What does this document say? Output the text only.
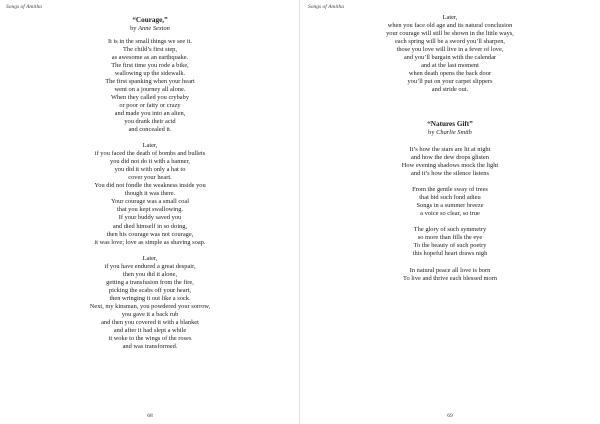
Songs of Amitha
“Courage,”
by Anne Sexton
It is in the small things we see it.
The child’s first step,
as awesome as an earthquake.
The first time you rode a bike,
wallowing up the sidewalk.
The first spanking when your heart
went on a journey all alone.
When they called you crybaby
or poor or fatty or crazy
and made you into an alien,
you drank their acid
and concealed it.
Later,
if you faced the death of bombs and bullets
you did not do it with a banner,
you did it with only a hat to
cover your heart.
You did not fondle the weakness inside you
though it was there.
Your courage was a small coal
that you kept swallowing.
If your buddy saved you
and died himself in so doing,
then his courage was not courage,
it was love; love as simple as shaving soap.
Later,
if you have endured a great despair,
then you did it alone,
getting a transfusion from the fire,
picking the scabs off your heart,
then wringing it out like a sock.
Next, my kinsman, you powdered your sorrow,
you gave it a back rub
and then you covered it with a blanket
and after it had slept a while
it woke to the wings of the roses
and was transformed.
68
Songs of Amitha
Later,
when you face old age and its natural conclusion
your courage will still be shown in the little ways,
each spring will be a sword you’ll sharpen,
those you love will live in a fever of love,
and you’ll bargain with the calendar
and at the last moment
when death opens the back door
you’ll put on your carpet slippers
and stride out.
“Natures Gift”
by Charlie Smith
It’s how the stars are lit at night
and how the dew drops glisten
How evening shadows mock the light
and it’s how the silence listens
From the gentle sway of trees
that bid such fond adieu
Songs in a summer breeze
a voice so clear, so true
The glory of such symmetry
so more than fills the eye
To the beauty of such poetry
this hopeful heart draws nigh
In natural peace all love is born
To live and thrive each blessed morn
69
